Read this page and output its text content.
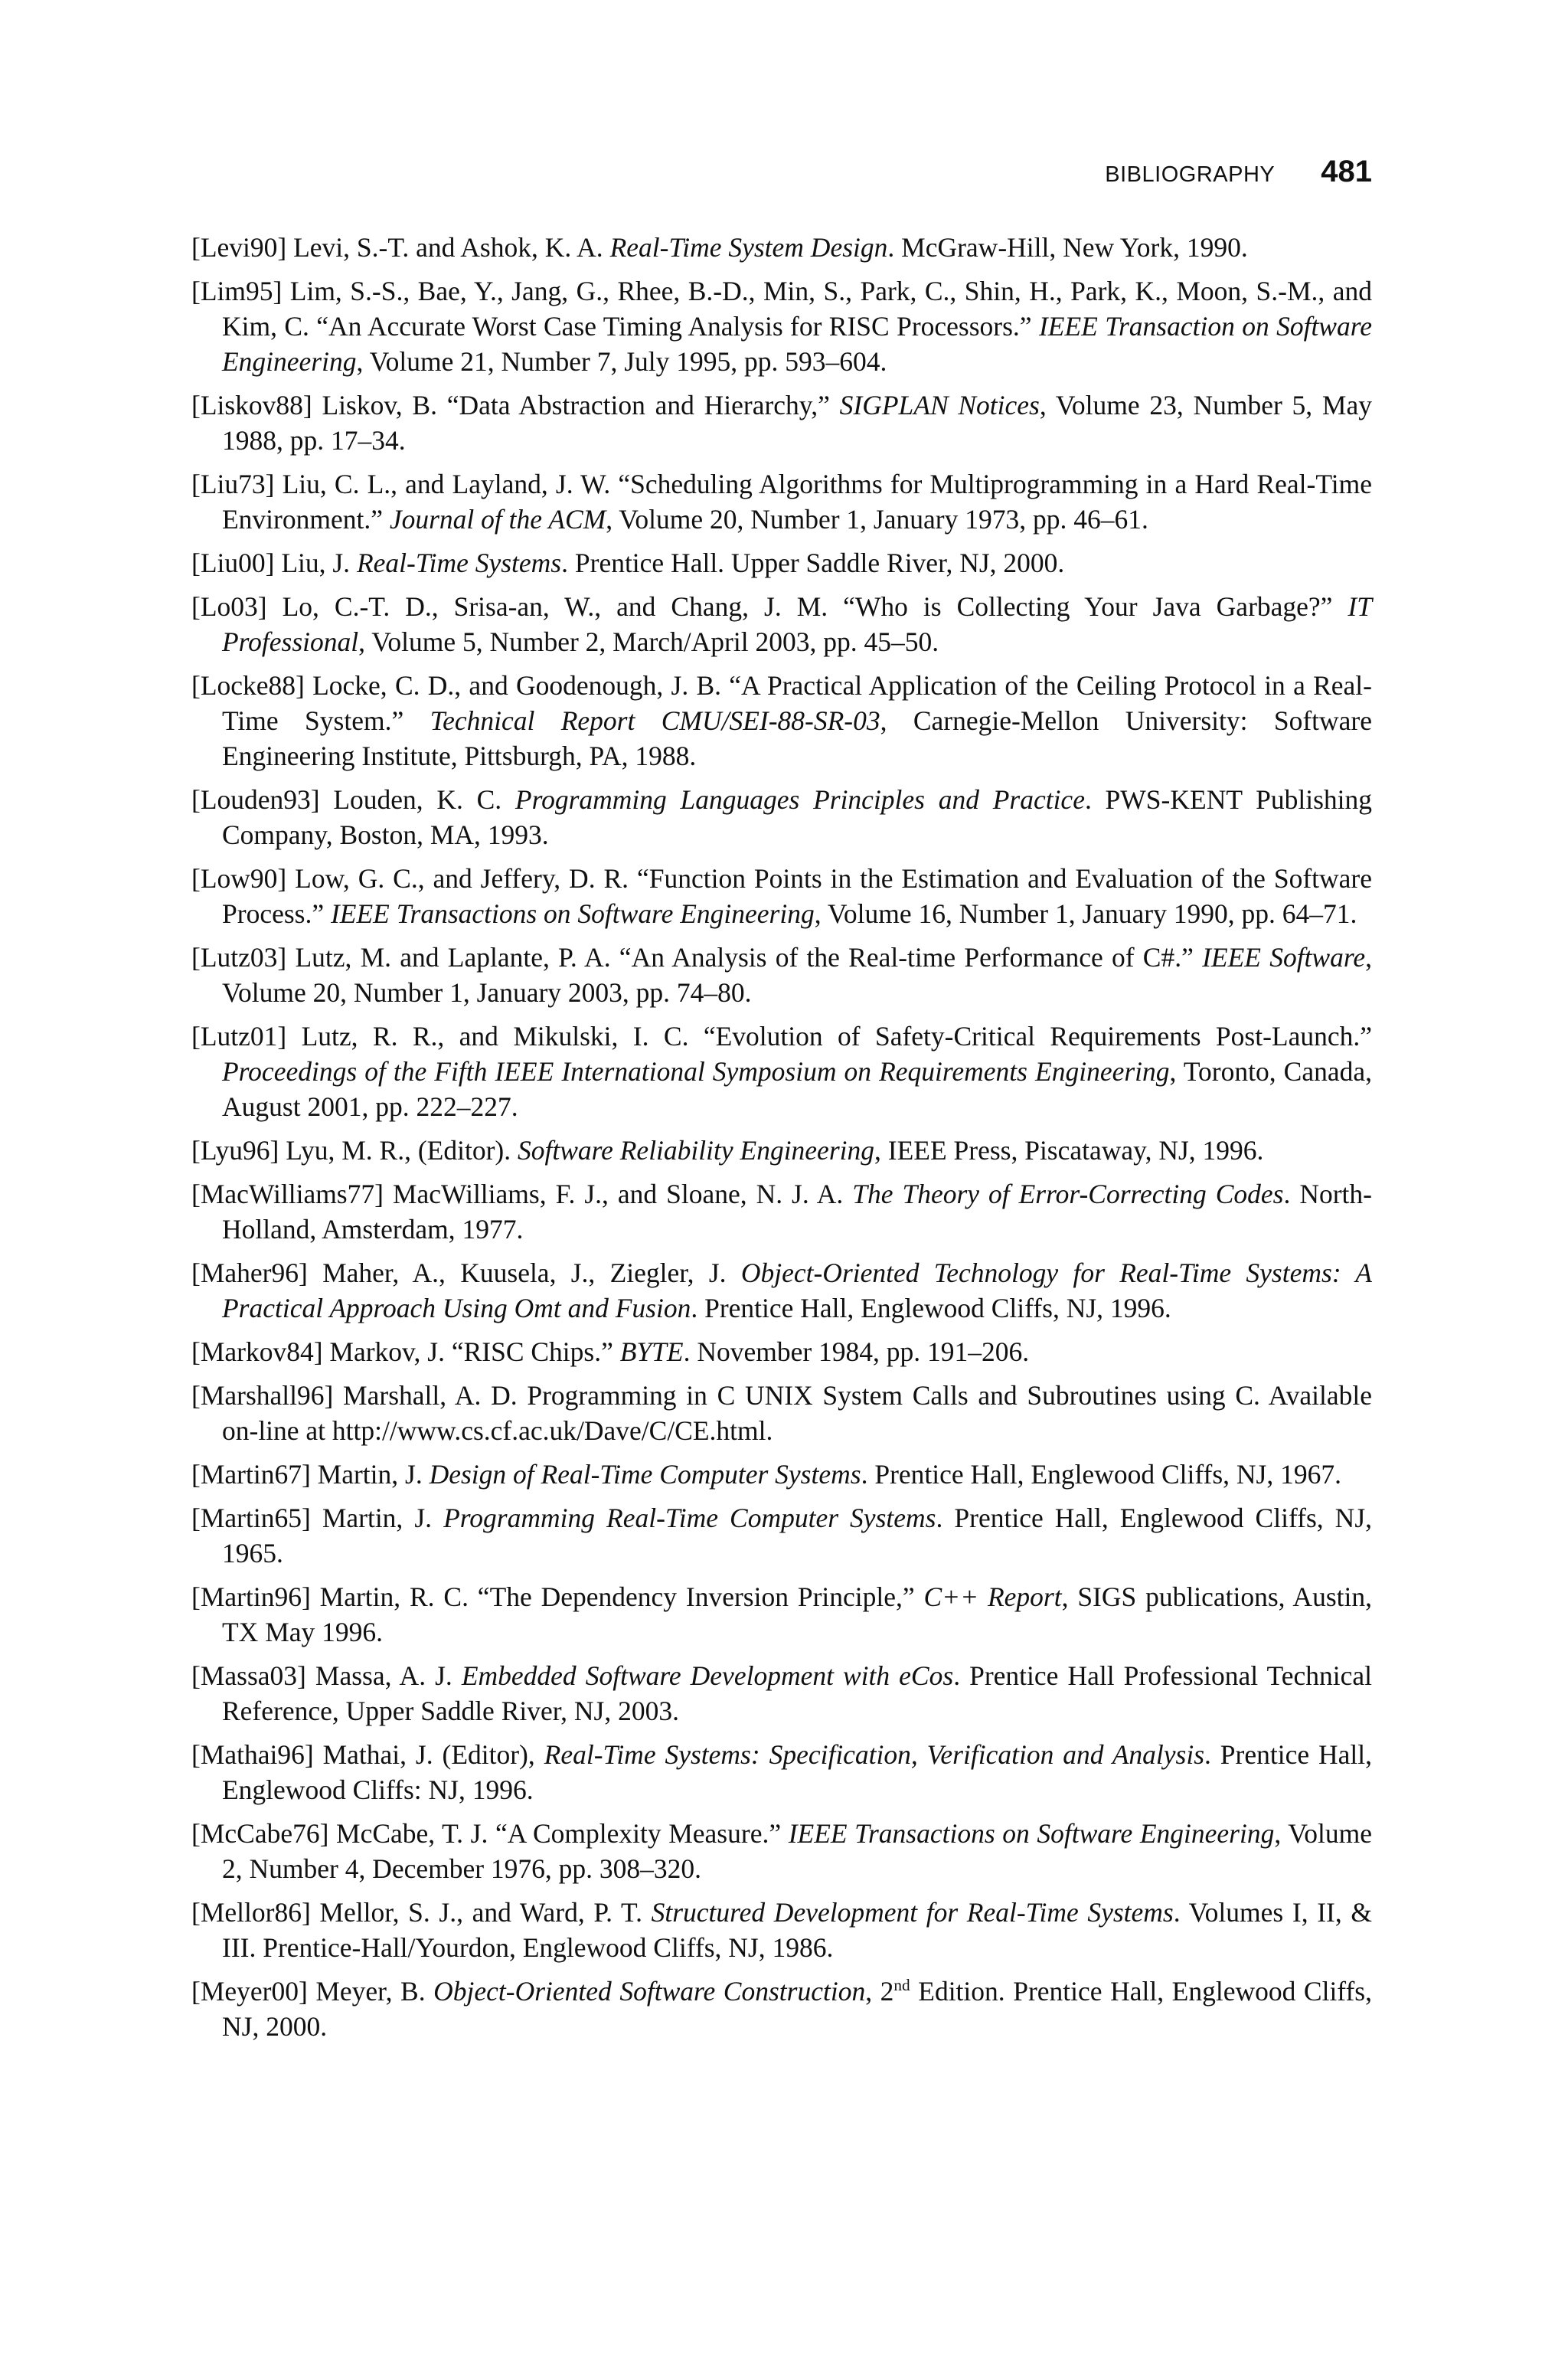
BIBLIOGRAPHY 481

[Levi90] Levi, S.-T. and Ashok, K. A. Real-Time System Design. McGraw-Hill, New York, 1990.

[Lim95] Lim, S.-S., Bae, Y., Jang, G., Rhee, B.-D., Min, S., Park, C., Shin, H., Park, K., Moon, S.-M., and Kim, C. “An Accurate Worst Case Timing Analysis for RISC Processors.” IEEE Transaction on Software Engineering, Volume 21, Number 7, July 1995, pp. 593–604.

[Liskov88] Liskov, B. “Data Abstraction and Hierarchy,” SIGPLAN Notices, Volume 23, Number 5, May 1988, pp. 17–34.

[Liu73] Liu, C. L., and Layland, J. W. “Scheduling Algorithms for Multiprogramming in a Hard Real-Time Environment.” Journal of the ACM, Volume 20, Number 1, January 1973, pp. 46–61.

[Liu00] Liu, J. Real-Time Systems. Prentice Hall. Upper Saddle River, NJ, 2000.

[Lo03] Lo, C.-T. D., Srisa-an, W., and Chang, J. M. “Who is Collecting Your Java Garbage?” IT Professional, Volume 5, Number 2, March/April 2003, pp. 45–50.

[Locke88] Locke, C. D., and Goodenough, J. B. “A Practical Application of the Ceiling Protocol in a Real-Time System.” Technical Report CMU/SEI-88-SR-03, Carnegie-Mellon University: Software Engineering Institute, Pittsburgh, PA, 1988.

[Louden93] Louden, K. C. Programming Languages Principles and Practice. PWS-KENT Publishing Company, Boston, MA, 1993.

[Low90] Low, G. C., and Jeffery, D. R. “Function Points in the Estimation and Evaluation of the Software Process.” IEEE Transactions on Software Engineering, Volume 16, Number 1, January 1990, pp. 64–71.

[Lutz03] Lutz, M. and Laplante, P. A. “An Analysis of the Real-time Performance of C#.” IEEE Software, Volume 20, Number 1, January 2003, pp. 74–80.

[Lutz01] Lutz, R. R., and Mikulski, I. C. “Evolution of Safety-Critical Requirements Post-Launch.” Proceedings of the Fifth IEEE International Symposium on Requirements Engineering, Toronto, Canada, August 2001, pp. 222–227.

[Lyu96] Lyu, M. R., (Editor). Software Reliability Engineering, IEEE Press, Piscataway, NJ, 1996.

[MacWilliams77] MacWilliams, F. J., and Sloane, N. J. A. The Theory of Error-Correcting Codes. North-Holland, Amsterdam, 1977.

[Maher96] Maher, A., Kuusela, J., Ziegler, J. Object-Oriented Technology for Real-Time Systems: A Practical Approach Using Omt and Fusion. Prentice Hall, Englewood Cliffs, NJ, 1996.

[Markov84] Markov, J. “RISC Chips.” BYTE. November 1984, pp. 191–206.

[Marshall96] Marshall, A. D. Programming in C UNIX System Calls and Subroutines using C. Available on-line at http://www.cs.cf.ac.uk/Dave/C/CE.html.

[Martin67] Martin, J. Design of Real-Time Computer Systems. Prentice Hall, Englewood Cliffs, NJ, 1967.

[Martin65] Martin, J. Programming Real-Time Computer Systems. Prentice Hall, Englewood Cliffs, NJ, 1965.

[Martin96] Martin, R. C. “The Dependency Inversion Principle,” C++ Report, SIGS publications, Austin, TX May 1996.

[Massa03] Massa, A. J. Embedded Software Development with eCos. Prentice Hall Professional Technical Reference, Upper Saddle River, NJ, 2003.

[Mathai96] Mathai, J. (Editor), Real-Time Systems: Specification, Verification and Analysis. Prentice Hall, Englewood Cliffs: NJ, 1996.

[McCabe76] McCabe, T. J. “A Complexity Measure.” IEEE Transactions on Software Engineering, Volume 2, Number 4, December 1976, pp. 308–320.

[Mellor86] Mellor, S. J., and Ward, P. T. Structured Development for Real-Time Systems. Volumes I, II, & III. Prentice-Hall/Yourdon, Englewood Cliffs, NJ, 1986.

[Meyer00] Meyer, B. Object-Oriented Software Construction, 2nd Edition. Prentice Hall, Englewood Cliffs, NJ, 2000.
